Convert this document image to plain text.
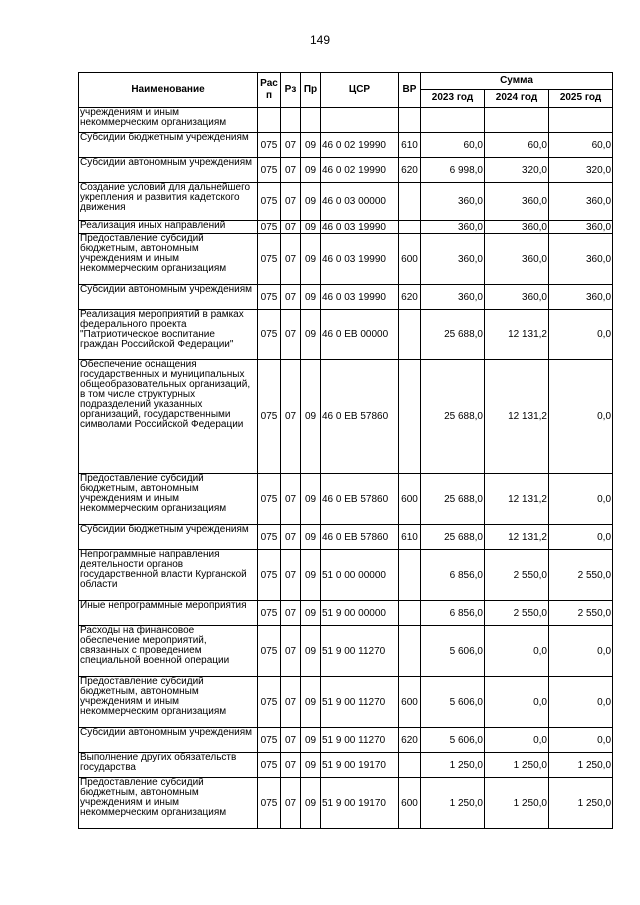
149
Наименование	Рас п	Рз	Пр	ЦСР	ВР	Сумма		
						2023 год	2024 год	2025 год
учреждениям и иным некоммерческим организациям								
Субсидии бюджетным учреждениям	075	07	09	46 0 02 19990	610	60,0	60,0	60,0
Субсидии автономным учреждениям	075	07	09	46 0 02 19990	620	6 998,0	320,0	320,0
Создание условий для дальнейшего укрепления и развития кадетского движения	075	07	09	46 0 03 00000		360,0	360,0	360,0
Реализация иных направлений	075	07	09	46 0 03 19990		360,0	360,0	360,0
Предоставление субсидий бюджетным, автономным учреждениям и иным некоммерческим организациям	075	07	09	46 0 03 19990	600	360,0	360,0	360,0
Субсидии автономным учреждениям	075	07	09	46 0 03 19990	620	360,0	360,0	360,0
Реализация мероприятий в рамках федерального проекта "Патриотическое воспитание граждан Российской Федерации"	075	07	09	46 0 EB 00000		25 688,0	12 131,2	0,0
Обеспечение оснащения государственных и муниципальных общеобразовательных организаций, в том числе структурных подразделений указанных организаций, государственными символами Российской Федерации	075	07	09	46 0 EB 57860		25 688,0	12 131,2	0,0
Предоставление субсидий бюджетным, автономным учреждениям и иным некоммерческим организациям	075	07	09	46 0 EB 57860	600	25 688,0	12 131,2	0,0
Субсидии бюджетным учреждениям	075	07	09	46 0 EB 57860	610	25 688,0	12 131,2	0,0
Непрограммные направления деятельности органов государственной власти Курганской области	075	07	09	51 0 00 00000		6 856,0	2 550,0	2 550,0
Иные непрограммные мероприятия	075	07	09	51 9 00 00000		6 856,0	2 550,0	2 550,0
Расходы на финансовое обеспечение мероприятий, связанных с проведением специальной военной операции	075	07	09	51 9 00 11270		5 606,0	0,0	0,0
Предоставление субсидий бюджетным, автономным учреждениям и иным некоммерческим организациям	075	07	09	51 9 00 11270	600	5 606,0	0,0	0,0
Субсидии автономным учреждениям	075	07	09	51 9 00 11270	620	5 606,0	0,0	0,0
Выполнение других обязательств государства	075	07	09	51 9 00 19170		1 250,0	1 250,0	1 250,0
Предоставление субсидий бюджетным, автономным учреждениям и иным некоммерческим организациям	075	07	09	51 9 00 19170	600	1 250,0	1 250,0	1 250,0
